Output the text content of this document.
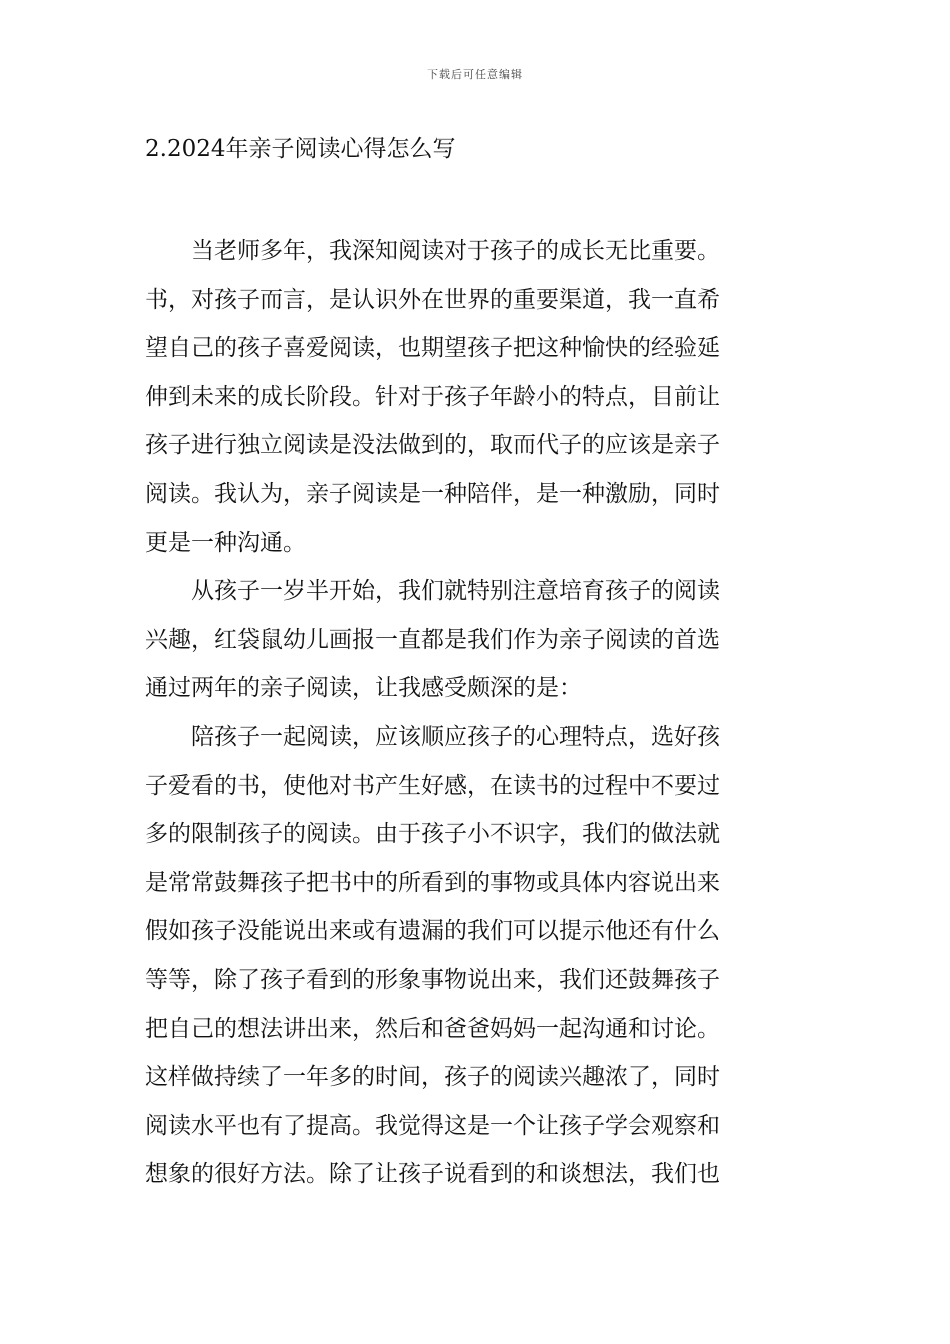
下载后可任意编辑
2.2024年亲子阅读心得怎么写
当老师多年，我深知阅读对于孩子的成长无比重要。
书，对孩子而言，是认识外在世界的重要渠道，我一直希
望自己的孩子喜爱阅读，也期望孩子把这种愉快的经验延
伸到未来的成长阶段。针对于孩子年龄小的特点，目前让
孩子进行独立阅读是没法做到的，取而代子的应该是亲子
阅读。我认为，亲子阅读是一种陪伴，是一种激励，同时
更是一种沟通。
从孩子一岁半开始，我们就特别注意培育孩子的阅读
兴趣，红袋鼠幼儿画报一直都是我们作为亲子阅读的首选
通过两年的亲子阅读，让我感受颇深的是：
陪孩子一起阅读，应该顺应孩子的心理特点，选好孩
子爱看的书，使他对书产生好感，在读书的过程中不要过
多的限制孩子的阅读。由于孩子小不识字，我们的做法就
是常常鼓舞孩子把书中的所看到的事物或具体内容说出来
假如孩子没能说出来或有遗漏的我们可以提示他还有什么
等等，除了孩子看到的形象事物说出来，我们还鼓舞孩子
把自己的想法讲出来，然后和爸爸妈妈一起沟通和讨论。
这样做持续了一年多的时间，孩子的阅读兴趣浓了，同时
阅读水平也有了提高。我觉得这是一个让孩子学会观察和
想象的很好方法。除了让孩子说看到的和谈想法，我们也
